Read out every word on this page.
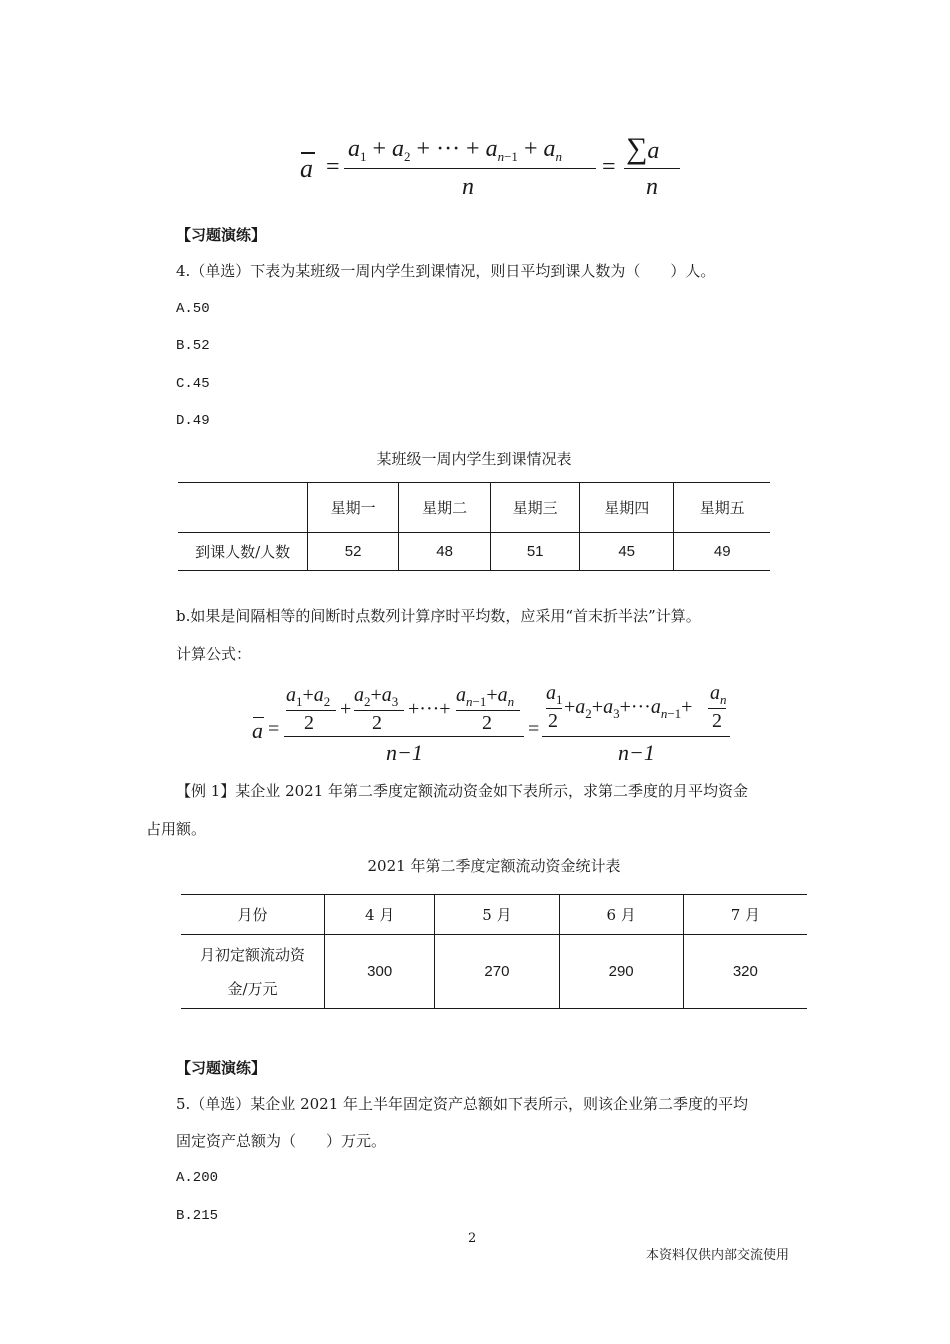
a =
$a_1 + a_2$ + ··· + $a_{n-1} + a_n$
n
=
∑a
n
【习题演练】
4.（单选）下表为某班级一周内学生到课情况，则日平均到课人数为（　　）人。
A.50
B.52
C.45
D.49
某班级一周内学生到课情况表
	星期一	星期二	星期三	星期四	星期五
到课人数/人数	52	48	51	45	49
b.如果是间隔相等的间断时点数列计算序时平均数，应采用“首末折半法”计算。
计算公式：
a =
$a_1+a_2$
2
+
$a_2+a_3$
2
+···+
$a_{n-1}+a_n$
2
n−1
=
$a_1$
2
$+a_2+a_3+\cdot\cdot\cdot a_{n-1}+$
$a_n$
2
n−1
【例 1】某企业 2021 年第二季度定额流动资金如下表所示，求第二季度的月平均资金
占用额。
2021 年第二季度定额流动资金统计表
月份	4 月	5 月	6 月	7 月

月初定额流动资
金/万元	300	270	290	320
【习题演练】
5.（单选）某企业 2021 年上半年固定资产总额如下表所示，则该企业第二季度的平均
固定资产总额为（　　）万元。
A.200
B.215
2
本资料仅供内部交流使用
